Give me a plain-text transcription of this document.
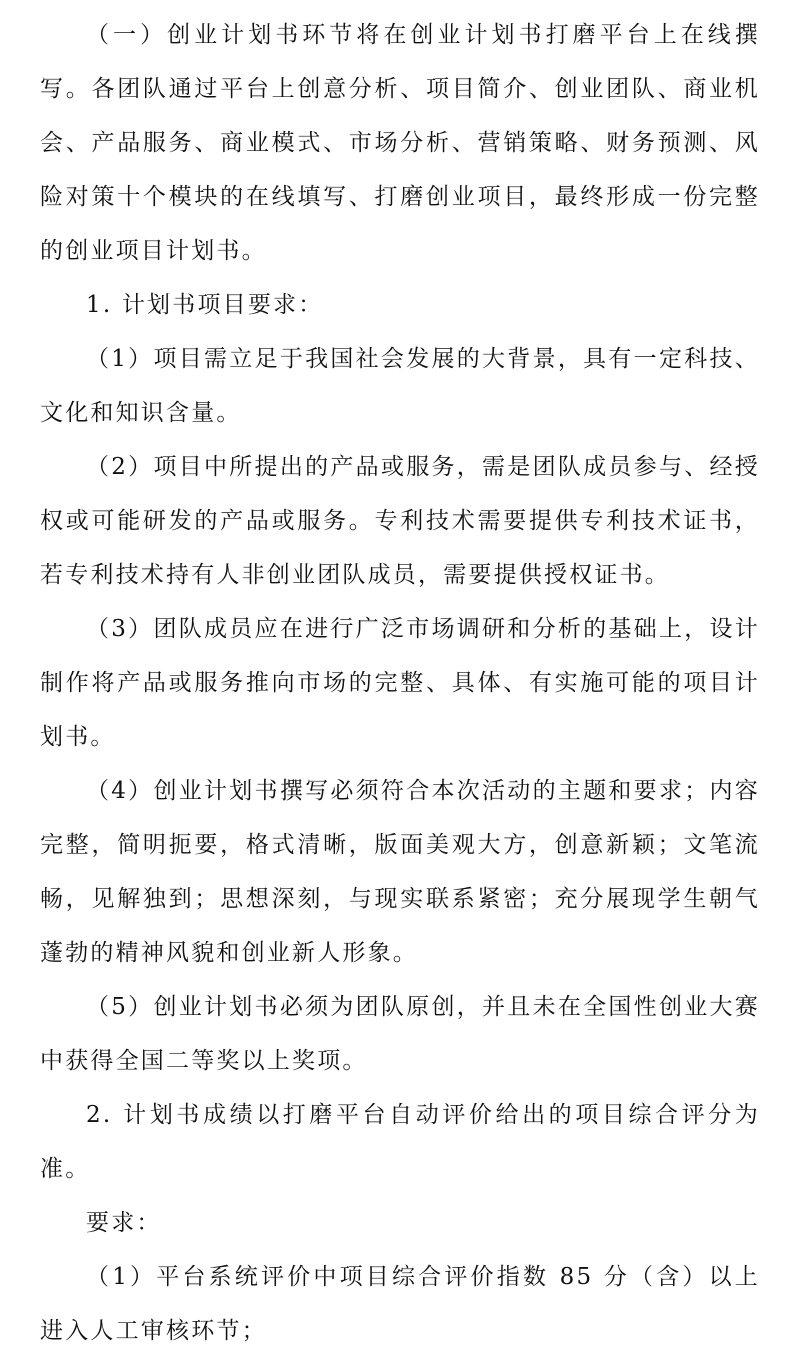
（一）创业计划书环节将在创业计划书打磨平台上在线撰写。各团队通过平台上创意分析、项目简介、创业团队、商业机会、产品服务、商业模式、市场分析、营销策略、财务预测、风险对策十个模块的在线填写、打磨创业项目，最终形成一份完整的创业项目计划书。

1. 计划书项目要求：

（1）项目需立足于我国社会发展的大背景，具有一定科技、文化和知识含量。

（2）项目中所提出的产品或服务，需是团队成员参与、经授权或可能研发的产品或服务。专利技术需要提供专利技术证书，若专利技术持有人非创业团队成员，需要提供授权证书。

（3）团队成员应在进行广泛市场调研和分析的基础上，设计制作将产品或服务推向市场的完整、具体、有实施可能的项目计划书。

（4）创业计划书撰写必须符合本次活动的主题和要求；内容完整，简明扼要，格式清晰，版面美观大方，创意新颖；文笔流畅，见解独到；思想深刻，与现实联系紧密；充分展现学生朝气蓬勃的精神风貌和创业新人形象。

（5）创业计划书必须为团队原创，并且未在全国性创业大赛中获得全国二等奖以上奖项。

2. 计划书成绩以打磨平台自动评价给出的项目综合评分为准。

要求：

（1）平台系统评价中项目综合评价指数 85 分（含）以上进入人工审核环节；
